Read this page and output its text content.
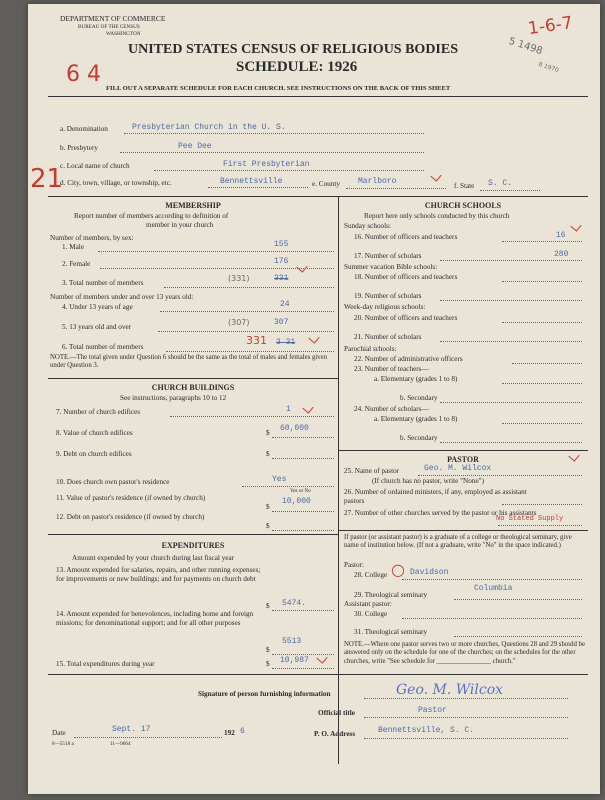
DEPARTMENT OF COMMERCE
BUREAU OF THE CENSUS
WASHINGTON
UNITED STATES CENSUS OF RELIGIOUS BODIES
SCHEDULE: 1926
6 4
1-6-7
5 1498
8 1970
FILL OUT A SEPARATE SCHEDULE FOR EACH CHURCH. SEE INSTRUCTIONS ON THE BACK OF THIS SHEET
a. Denomination	Presbyterian Church in the U. S.
b. Presbytery	Pee Dee
c. Local name of church	First Presbyterian
d. City, town, village, or township, etc.	Bennettsville	e. County Marlboro	f. State S. C.
21
MEMBERSHIP
Report number of members according to definition of
member in your church
Number of members, by sex:
1. Male	155
2. Female	176
3. Total number of members	(331)	331
Number of members under and over 13 years old:
4. Under 13 years of age	24
5. 13 years old and over	(307)	307
6. Total number of members	331 3 31
NOTE.—The total given under Question 6 should be the same as the total of males and females given under Question 3.
CHURCH BUILDINGS
See instructions, paragraphs 10 to 12
7. Number of church edifices	1
8. Value of church edifices	$ 60,000
9. Debt on church edifices	$
10. Does church own pastor's residence	Yes
Yes or No
11. Value of pastor's residence (if owned by church)
$
10,000
12. Debt on pastor's residence (if owned by church)
$
EXPENDITURES
Amount expended by your church during last fiscal year
13. Amount expended for salaries, repairs, and other running expenses; for improvements or new buildings; and for payments on church debt
$ 5474.
14. Amount expended for benevolences, including home and foreign missions; for denominational support; and for all other purposes
$
5513
15. Total expenditures during year	$ 10,987
CHURCH SCHOOLS
Report here only schools conducted by this church
Sunday schools:
16. Number of officers and teachers	16
17. Number of scholars	280
Summer vacation Bible schools:
18. Number of officers and teachers
19. Number of scholars
Week-day religious schools:
20. Number of officers and teachers
21. Number of scholars
Parochial schools:
22. Number of administrative officers
23. Number of teachers—
a. Elementary (grades 1 to 8)
b. Secondary
24. Number of scholars—
a. Elementary (grades 1 to 8)
b. Secondary
PASTOR
25. Name of pastor	Geo. M. Wilcox
(If church has no pastor, write "None")
26. Number of ordained ministers, if any, employed as assistant pastors
27. Number of other churches served by the pastor or his assistants
No Stated Supply
If pastor (or assistant pastor) is a graduate of a college or theological seminary, give name of institution below. (If not a graduate, write "No" in the space indicated.)
Pastor:
28. College	Davidson
○
29. Theological seminary
Columbia
Assistant pastor:
30. College
31. Theological seminary
NOTE.—Where one pastor serves two or more churches, Questions 28 and 29 should be answered only on the schedule for one of the churches; on the schedules for the other churches, write "See schedule for ________________ church."
Signature of person furnishing information	Geo. M. Wilcox
Official title	Pastor
Date	Sept. 17	192 6
8—5518 a	11—9064
P. O. Address	Bennettsville, S. C.
